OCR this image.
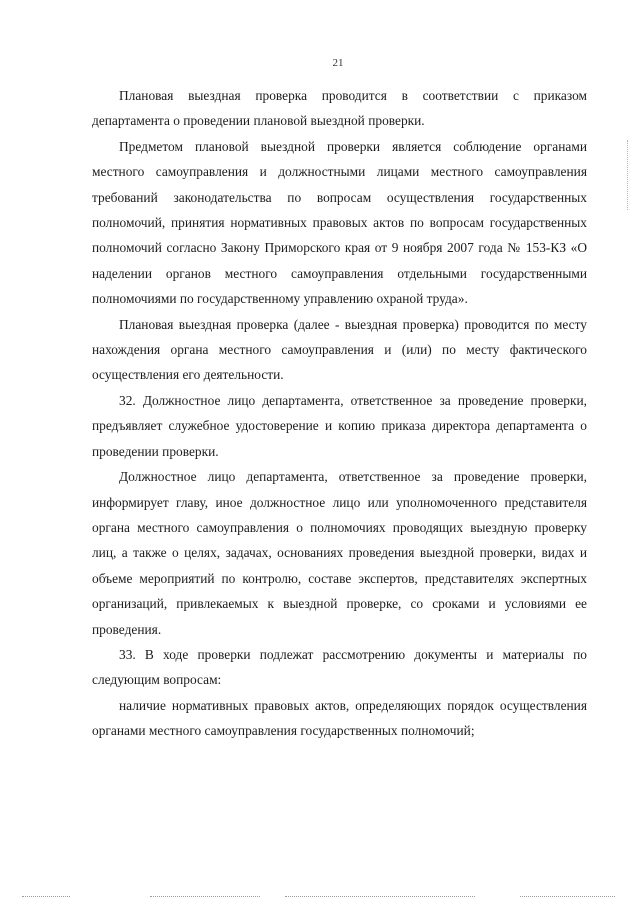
21

Плановая выездная проверка проводится в соответствии с приказом департамента о проведении плановой выездной проверки.

Предметом плановой выездной проверки является соблюдение органами местного самоуправления и должностными лицами местного самоуправления требований законодательства по вопросам осуществления государственных полномочий, принятия нормативных правовых актов по вопросам государственных полномочий согласно Закону Приморского края от 9 ноября 2007 года № 153-КЗ «О наделении органов местного самоуправления отдельными государственными полномочиями по государственному управлению охраной труда».

Плановая выездная проверка (далее - выездная проверка) проводится по месту нахождения органа местного самоуправления и (или) по месту фактического осуществления его деятельности.

32. Должностное лицо департамента, ответственное за проведение проверки, предъявляет служебное удостоверение и копию приказа директора департамента о проведении проверки.

Должностное лицо департамента, ответственное за проведение проверки, информирует главу, иное должностное лицо или уполномоченного представителя органа местного самоуправления о полномочиях проводящих выездную проверку лиц, а также о целях, задачах, основаниях проведения выездной проверки, видах и объеме мероприятий по контролю, составе экспертов, представителях экспертных организаций, привлекаемых к выездной проверке, со сроками и условиями ее проведения.

33. В ходе проверки подлежат рассмотрению документы и материалы по следующим вопросам:

наличие нормативных правовых актов, определяющих порядок осуществления органами местного самоуправления государственных полномочий;
